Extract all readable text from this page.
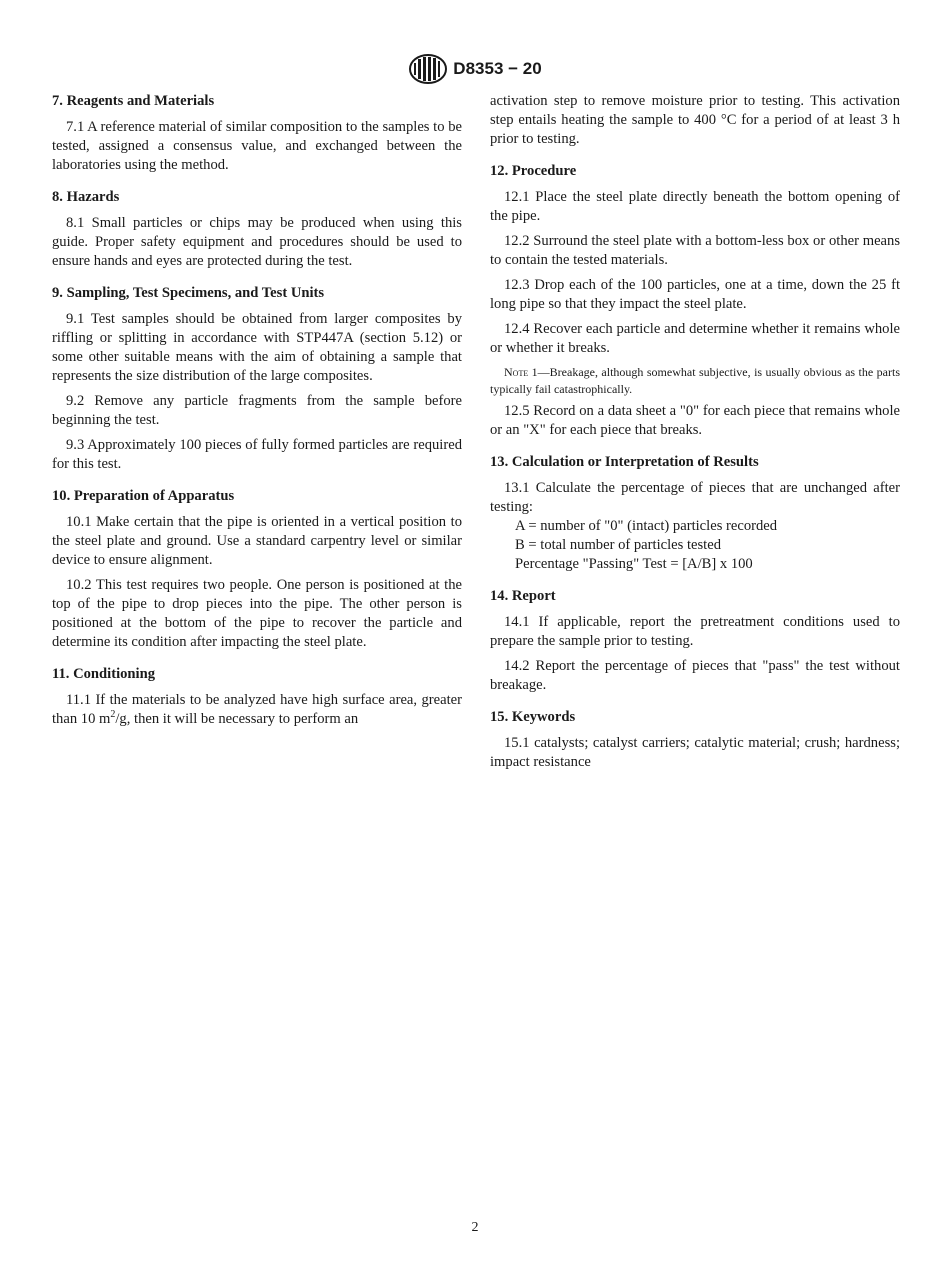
D8353 − 20
7. Reagents and Materials

7.1 A reference material of similar composition to the samples to be tested, assigned a consensus value, and exchanged between the laboratories using the method.

8. Hazards

8.1 Small particles or chips may be produced when using this guide. Proper safety equipment and procedures should be used to ensure hands and eyes are protected during the test.

9. Sampling, Test Specimens, and Test Units

9.1 Test samples should be obtained from larger composites by riffling or splitting in accordance with STP447A (section 5.12) or some other suitable means with the aim of obtaining a sample that represents the size distribution of the large composites.

9.2 Remove any particle fragments from the sample before beginning the test.

9.3 Approximately 100 pieces of fully formed particles are required for this test.

10. Preparation of Apparatus

10.1 Make certain that the pipe is oriented in a vertical position to the steel plate and ground. Use a standard carpentry level or similar device to ensure alignment.

10.2 This test requires two people. One person is positioned at the top of the pipe to drop pieces into the pipe. The other person is positioned at the bottom of the pipe to recover the particle and determine its condition after impacting the steel plate.

11. Conditioning

11.1 If the materials to be analyzed have high surface area, greater than 10 $m^2/g$, then it will be necessary to perform an

activation step to remove moisture prior to testing. This activation step entails heating the sample to 400 °C for a period of at least 3 h prior to testing.

12. Procedure

12.1 Place the steel plate directly beneath the bottom opening of the pipe.

12.2 Surround the steel plate with a bottom-less box or other means to contain the tested materials.

12.3 Drop each of the 100 particles, one at a time, down the 25 ft long pipe so that they impact the steel plate.

12.4 Recover each particle and determine whether it remains whole or whether it breaks.

Note 1—Breakage, although somewhat subjective, is usually obvious as the parts typically fail catastrophically.

12.5 Record on a data sheet a "0" for each piece that remains whole or an "X" for each piece that breaks.

13. Calculation or Interpretation of Results

13.1 Calculate the percentage of pieces that are unchanged after testing:

A = number of "0" (intact) particles recorded
B = total number of particles tested
Percentage "Passing" Test = [A/B] x 100
14. Report

14.1 If applicable, report the pretreatment conditions used to prepare the sample prior to testing.

14.2 Report the percentage of pieces that "pass" the test without breakage.

15. Keywords

15.1 catalysts; catalyst carriers; catalytic material; crush; hardness; impact resistance

2
